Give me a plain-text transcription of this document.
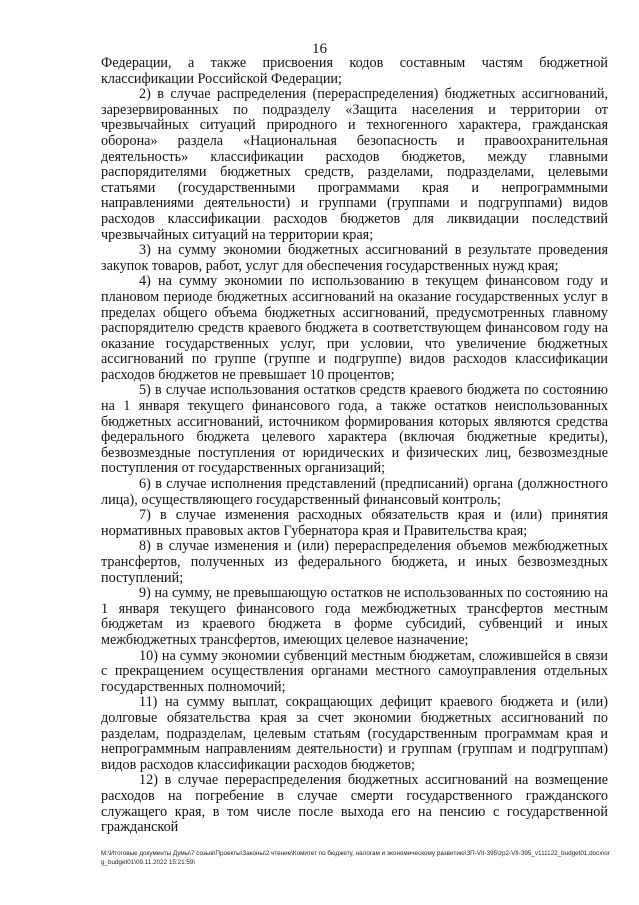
16

Федерации, а также присвоения кодов составным частям бюджетной классификации Российской Федерации;

2) в случае распределения (перераспределения) бюджетных ассигнований, зарезервированных по подразделу «Защита населения и территории от чрезвычайных ситуаций природного и техногенного характера, гражданская оборона» раздела «Национальная безопасность и правоохранительная деятельность» классификации расходов бюджетов, между главными распорядителями бюджетных средств, разделами, подразделами, целевыми статьями (государственными программами края и непрограммными направлениями деятельности) и группами (группами и подгруппами) видов расходов классификации расходов бюджетов для ликвидации последствий чрезвычайных ситуаций на территории края;

3) на сумму экономии бюджетных ассигнований в результате проведения закупок товаров, работ, услуг для обеспечения государственных нужд края;

4) на сумму экономии по использованию в текущем финансовом году и плановом периоде бюджетных ассигнований на оказание государственных услуг в пределах общего объема бюджетных ассигнований, предусмотренных главному распорядителю средств краевого бюджета в соответствующем финансовом году на оказание государственных услуг, при условии, что увеличение бюджетных ассигнований по группе (группе и подгруппе) видов расходов классификации расходов бюджетов не превышает 10 процентов;

5) в случае использования остатков средств краевого бюджета по состоянию на 1 января текущего финансового года, а также остатков неиспользованных бюджетных ассигнований, источником формирования которых являются средства федерального бюджета целевого характера (включая бюджетные кредиты), безвозмездные поступления от юридических и физических лиц, безвозмездные поступления от государственных организаций;

6) в случае исполнения представлений (предписаний) органа (должностного лица), осуществляющего государственный финансовый контроль;

7) в случае изменения расходных обязательств края и (или) принятия нормативных правовых актов Губернатора края и Правительства края;

8) в случае изменения и (или) перераспределения объемов межбюджетных трансфертов, полученных из федерального бюджета, и иных безвозмездных поступлений;

9) на сумму, не превышающую остатков не использованных по состоянию на 1 января текущего финансового года межбюджетных трансфертов местным бюджетам из краевого бюджета в форме субсидий, субвенций и иных межбюджетных трансфертов, имеющих целевое назначение;

10) на сумму экономии субвенций местным бюджетам, сложившейся в связи с прекращением осуществления органами местного самоуправления отдельных государственных полномочий;

11) на сумму выплат, сокращающих дефицит краевого бюджета и (или) долговые обязательства края за счет экономии бюджетных ассигнований по разделам, подразделам, целевым статьям (государственным программам края и непрограммным направлениям деятельности) и группам (группам и подгруппам) видов расходов классификации расходов бюджетов;

12) в случае перераспределения бюджетных ассигнований на возмещение расходов на погребение в случае смерти государственного гражданского служащего края, в том числе после выхода его на пенсию с государственной гражданской

М:\Итоговые документы Думы\7 созыв\Проекты\Законы\2 чтение\Комитет по бюджету, налогам и экономическому развитию\ЗП-VII-395\zp2-VII-395_v111122_budget01.docx\org_budget01\09.11.2022 15:21:59\
